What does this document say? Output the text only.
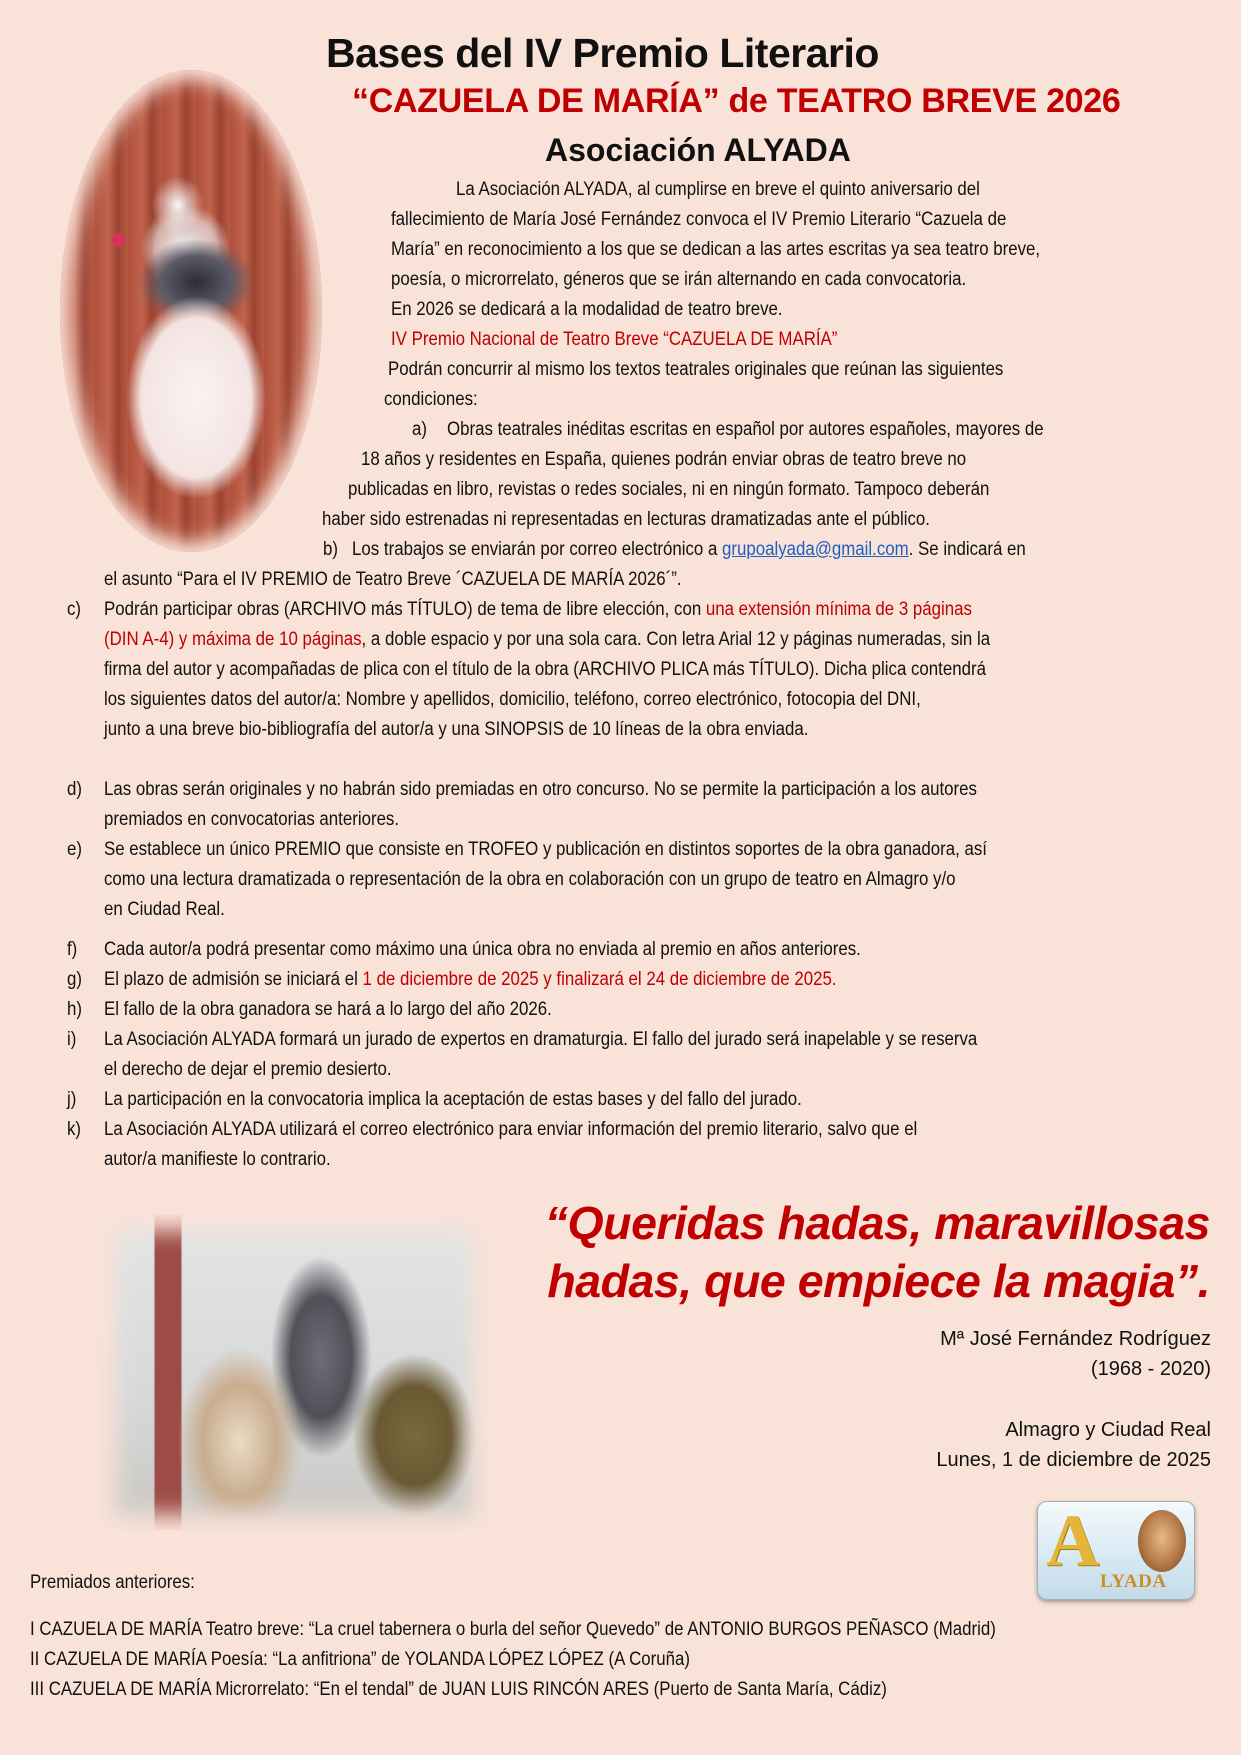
Bases del IV Premio Literario
“CAZUELA DE MARÍA” de TEATRO BREVE 2026
Asociación ALYADA
La Asociación ALYADA, al cumplirse en breve el quinto aniversario del
fallecimiento de María José Fernández convoca el IV Premio Literario “Cazuela de
María” en reconocimiento a los que se dedican a las artes escritas ya sea teatro breve,
poesía, o microrrelato, géneros que se irán alternando en cada convocatoria.
En 2026 se dedicará a la modalidad de teatro breve.
IV Premio Nacional de Teatro Breve “CAZUELA DE MARÍA”
Podrán concurrir al mismo los textos teatrales originales que reúnan las siguientes
condiciones:
a) Obras teatrales inéditas escritas en español por autores españoles, mayores de
18 años y residentes en España, quienes podrán enviar obras de teatro breve no
publicadas en libro, revistas o redes sociales, ni en ningún formato. Tampoco deberán
haber sido estrenadas ni representadas en lecturas dramatizadas ante el público.
b) Los trabajos se enviarán por correo electrónico a grupoalyada@gmail.com. Se indicará en
el asunto “Para el IV PREMIO de Teatro Breve ´CAZUELA DE MARÍA 2026´”.
c) Podrán participar obras (ARCHIVO más TÍTULO) de tema de libre elección, con una extensión mínima de 3 páginas
(DIN A-4) y máxima de 10 páginas, a doble espacio y por una sola cara. Con letra Arial 12 y páginas numeradas, sin la
firma del autor y acompañadas de plica con el título de la obra (ARCHIVO PLICA más TÍTULO). Dicha plica contendrá
los siguientes datos del autor/a: Nombre y apellidos, domicilio, teléfono, correo electrónico, fotocopia del DNI,
junto a una breve bio-bibliografía del autor/a y una SINOPSIS de 10 líneas de la obra enviada.
d) Las obras serán originales y no habrán sido premiadas en otro concurso. No se permite la participación a los autores
premiados en convocatorias anteriores.
e) Se establece un único PREMIO que consiste en TROFEO y publicación en distintos soportes de la obra ganadora, así
como una lectura dramatizada o representación de la obra en colaboración con un grupo de teatro en Almagro y/o
en Ciudad Real.
f) Cada autor/a podrá presentar como máximo una única obra no enviada al premio en años anteriores.
g) El plazo de admisión se iniciará el 1 de diciembre de 2025 y finalizará el 24 de diciembre de 2025.
h) El fallo de la obra ganadora se hará a lo largo del año 2026.
i) La Asociación ALYADA formará un jurado de expertos en dramaturgia. El fallo del jurado será inapelable y se reserva
el derecho de dejar el premio desierto.
j) La participación en la convocatoria implica la aceptación de estas bases y del fallo del jurado.
k) La Asociación ALYADA utilizará el correo electrónico para enviar información del premio literario, salvo que el
autor/a manifieste lo contrario.
“Queridas hadas, maravillosas
hadas, que empiece la magia”.
Mª José Fernández Rodríguez
(1968 - 2020)
Almagro y Ciudad Real
Lunes, 1 de diciembre de 2025
A LYADA
Premiados anteriores:
I CAZUELA DE MARÍA Teatro breve: “La cruel tabernera o burla del señor Quevedo” de ANTONIO BURGOS PEÑASCO (Madrid)
II CAZUELA DE MARÍA Poesía: “La anfitriona” de YOLANDA LÓPEZ LÓPEZ (A Coruña)
III CAZUELA DE MARÍA Microrrelato: “En el tendal” de JUAN LUIS RINCÓN ARES (Puerto de Santa María, Cádiz)
